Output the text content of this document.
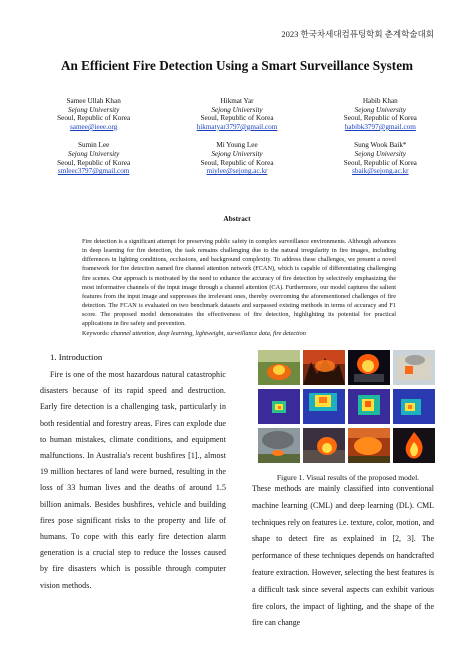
2023 한국차세대컴퓨팅학회 춘계학술대회
An Efficient Fire Detection Using a Smart Surveillance System
Samee Ullah Khan
Sejong University
Seoul, Republic of Korea
samee@ieee.org
Hikmat Yar
Sejong University
Seoul, Republic of Korea
hikmatyar3797@gmail.com
Habib Khan
Sejong University
Seoul, Republic of Korea
habibk3797@gmail.com
Sumin Lee
Sejong University
Seoul, Republic of Korea
smleec3797@gmail.com
Mi Young Lee
Sejong University
Seoul, Republic of Korea
miylee@sejong.ac.kr
Sung Wook Baik*
Sejong University
Seoul, Republic of Korea
sbaik@sejong.ac.kr
Abstract
Fire detection is a significant attempt for preserving public safety in complex surveillance environments. Although advances in deep learning for fire detection, the task remains challenging due to the natural irregularity in fire images, including differences in lighting conditions, occlusions, and background complexity. To address these challenges, we present a novel framework for fire detection named fire channel attention network (FCAN), which is capable of differentiating challenging fire scenes. Our approach is motivated by the need to enhance the accuracy of fire detection by selectively emphasizing the most informative channels of the input image through a channel attention (CA). Furthermore, our model captures the salient features from the input image and suppresses the irrelevant ones, thereby overcoming the aforementioned challenges of fire detection. The FCAN is evaluated on two benchmark datasets and surpassed existing methods in terms of accuracy and F1 score. The proposed model demonstrates the effectiveness of fire detection, highlighting its potential for practical applications in fire safety and prevention.
Keywords: channel attention, deep learning, lightweight, surveillance data, fire detection
1. Introduction

Fire is one of the most hazardous natural catastrophic disasters because of its rapid speed and destruction. Early fire detection is a challenging task, particularly in both residential and forestry areas. Fires can explode due to human mistakes, climate conditions, and equipment malfunctions. In Australia's recent bushfires [1]., almost 19 million hectares of land were burned, resulting in the loss of 33 human lives and the deaths of around 1.5 billion animals. Besides bushfires, vehicle and building fires pose significant risks to the property and life of humans. To cope with this early fire detection alarm generation is a crucial step to reduce the losses caused by fire disasters which is possible through computer vision methods.

Figure 1. Visual results of the proposed model.

These methods are mainly classified into conventional machine learning (CML) and deep learning (DL). CML techniques rely on features i.e. texture, color, motion, and shape to detect fire as explained in [2, 3]. The performance of these techniques depends on handcrafted feature extraction. However, selecting the best features is a difficult task since several aspects can exhibit various fire colors, the impact of lighting, and the shape of the fire can change
